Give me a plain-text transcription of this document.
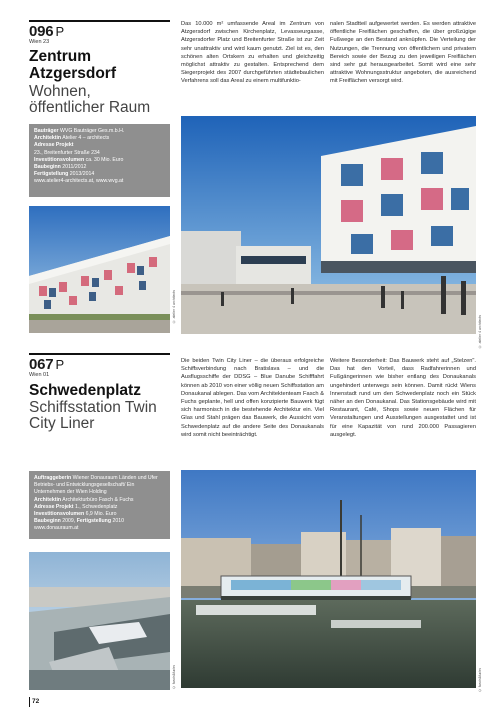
096 P
Wien 23
Zentrum Atzgersdorf
Wohnen, öffentlicher Raum
Bauträger WVG Bauträger Ges.m.b.H.
Architektin Atelier 4 – architects
Adresse Projekt
23., Breitenfurter Straße 234
Investitionsvolumen ca. 30 Mio. Euro
Baubeginn 2011/2012
Fertigstellung 2013/2014
www.atelier4-architects.at, www.wvg.at
Das 10.000 m² umfassende Areal im Zentrum von Atzgersdorf zwischen Kirchenplatz, Levasseurgasse, Atzgersdorfer Platz und Breitenfurter Straße ist zur Zeit sehr unattraktiv und wird kaum genutzt. Ziel ist es, den schönen alten Ortskern zu erhalten und gleichzeitig möglichst attraktiv zu gestalten. Entsprechend dem Siegerprojekt des 2007 durchgeführten städtebaulichen Verfahrens soll das Areal zu einem multifunktio-
nalen Stadtteil aufgewertet werden. Es werden attraktive öffentliche Freiflächen geschaffen, die über großzügige Fußwege an den Bestand anknüpfen. Die Verteilung der Nutzungen, die Trennung von öffentlichem und privatem Bereich sowie der Bezug zu den jeweiligen Freiflächen sind sehr gut herausgearbeitet. Somit wird eine sehr attraktive Wohnungsstruktur angeboten, die ausreichend mit Freiflächen versorgt wird.
© atelier 4 architects
© atelier 4 architects
067 P
Wien 01
Schwedenplatz
Schiffsstation Twin City Liner
Auftraggeberin Wiener Donauraum Länden und Ufer Betriebs- und Entwicklungsgesellschaft/ Ein Unternehmen der Wien Holding
Architektin Architekturbüro Fasch & Fuchs
Adresse Projekt 1., Schwedenplatz
Investitionsvolumen 6,9 Mio. Euro
Baubeginn 2009, Fertigstellung 2010
www.donauraum.at
Die beiden Twin City Liner – die überaus erfolgreiche Schiffsverbindung nach Bratislava – und die Ausflugsschiffe der DDSG – Blue Danube Schifffahrt können ab 2010 von einer völlig neuen Schiffsstation am Donaukanal ablegen. Das vom Architektenteam Fasch & Fuchs geplante, hell und offen konzipierte Bauwerk fügt sich harmonisch in die bestehende Architektur ein. Viel Glas und Stahl prägen das Bauwerk, die Aussicht vom Schwedenplatz auf die andere Seite des Donaukanals wird somit nicht beeinträchtigt.
Weitere Besonderheit: Das Bauwerk steht auf „Stelzen". Das hat den Vorteil, dass Radfahrerinnen und Fußgängerinnen wie bisher entlang des Donaukanals ungehindert unterwegs sein können. Damit rückt Wiens Innenstadt rund um den Schwedenplatz noch ein Stück näher an den Donaukanal. Das Stationsgebäude wird mit Restaurant, Café, Shops sowie neuen Flächen für Veranstaltungen und Ausstellungen ausgestattet und ist für eine Kapazität von rund 200.000 Passagieren ausgelegt.
© fasch&fuchs	© fasch&fuchs
72
